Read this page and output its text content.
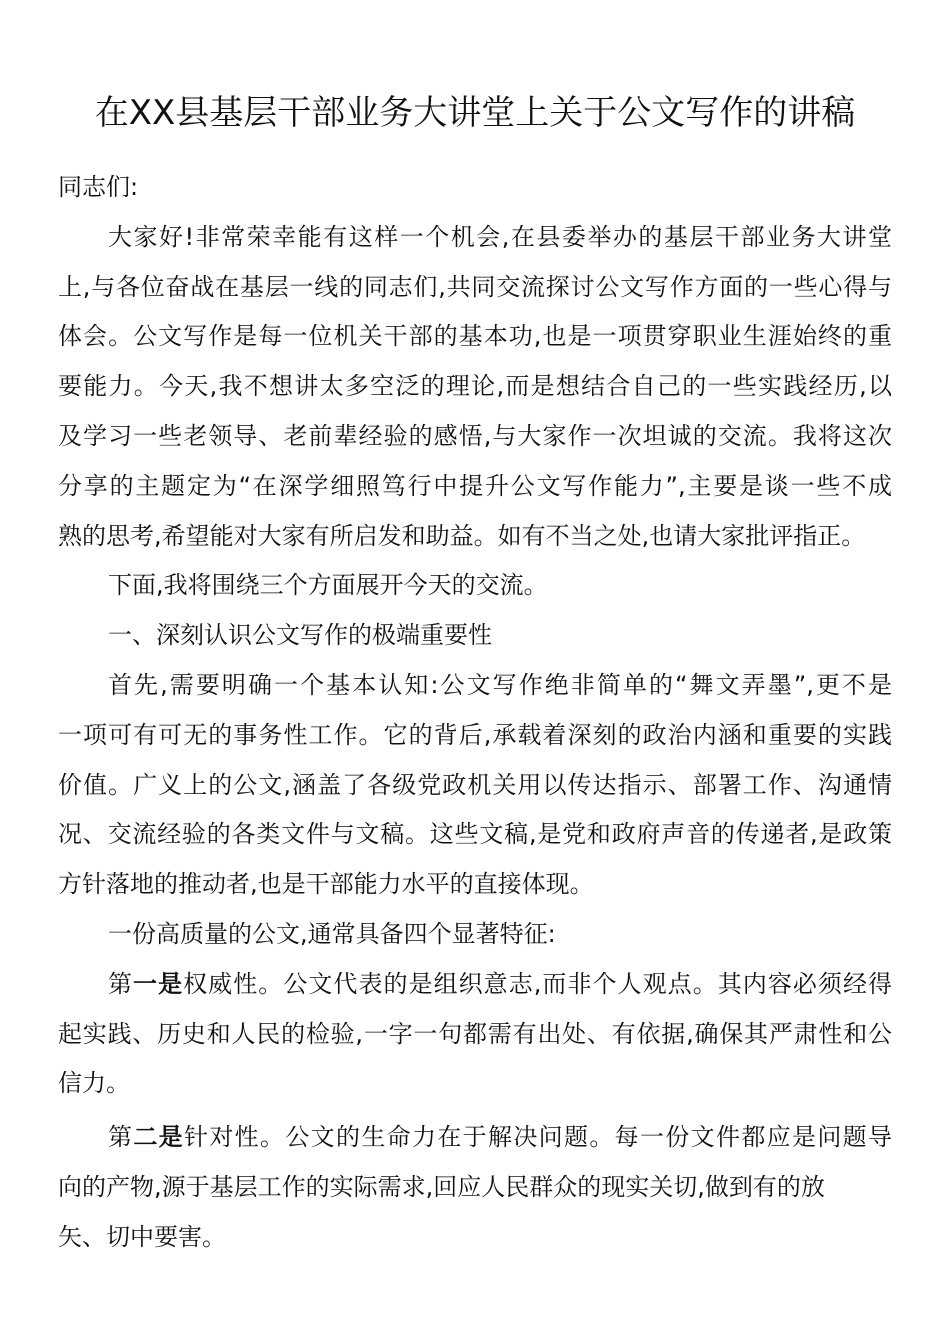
在XX县基层干部业务大讲堂上关于公文写作的讲稿
同志们:
大家好!非常荣幸能有这样一个机会,在县委举办的基层干部业务大讲堂
上,与各位奋战在基层一线的同志们,共同交流探讨公文写作方面的一些心得与
体会。公文写作是每一位机关干部的基本功,也是一项贯穿职业生涯始终的重
要能力。今天,我不想讲太多空泛的理论,而是想结合自己的一些实践经历,以
及学习一些老领导、老前辈经验的感悟,与大家作一次坦诚的交流。我将这次
分享的主题定为“在深学细照笃行中提升公文写作能力”,主要是谈一些不成
熟的思考,希望能对大家有所启发和助益。如有不当之处,也请大家批评指正。
下面,我将围绕三个方面展开今天的交流。
一、深刻认识公文写作的极端重要性
首先,需要明确一个基本认知:公文写作绝非简单的“舞文弄墨”,更不是
一项可有可无的事务性工作。它的背后,承载着深刻的政治内涵和重要的实践
价值。广义上的公文,涵盖了各级党政机关用以传达指示、部署工作、沟通情
况、交流经验的各类文件与文稿。这些文稿,是党和政府声音的传递者,是政策
方针落地的推动者,也是干部能力水平的直接体现。
一份高质量的公文,通常具备四个显著特征:
第一是权威性。公文代表的是组织意志,而非个人观点。其内容必须经得
起实践、历史和人民的检验,一字一句都需有出处、有依据,确保其严肃性和公
信力。
第二是针对性。公文的生命力在于解决问题。每一份文件都应是问题导
向的产物,源于基层工作的实际需求,回应人民群众的现实关切,做到有的放
矢、切中要害。
